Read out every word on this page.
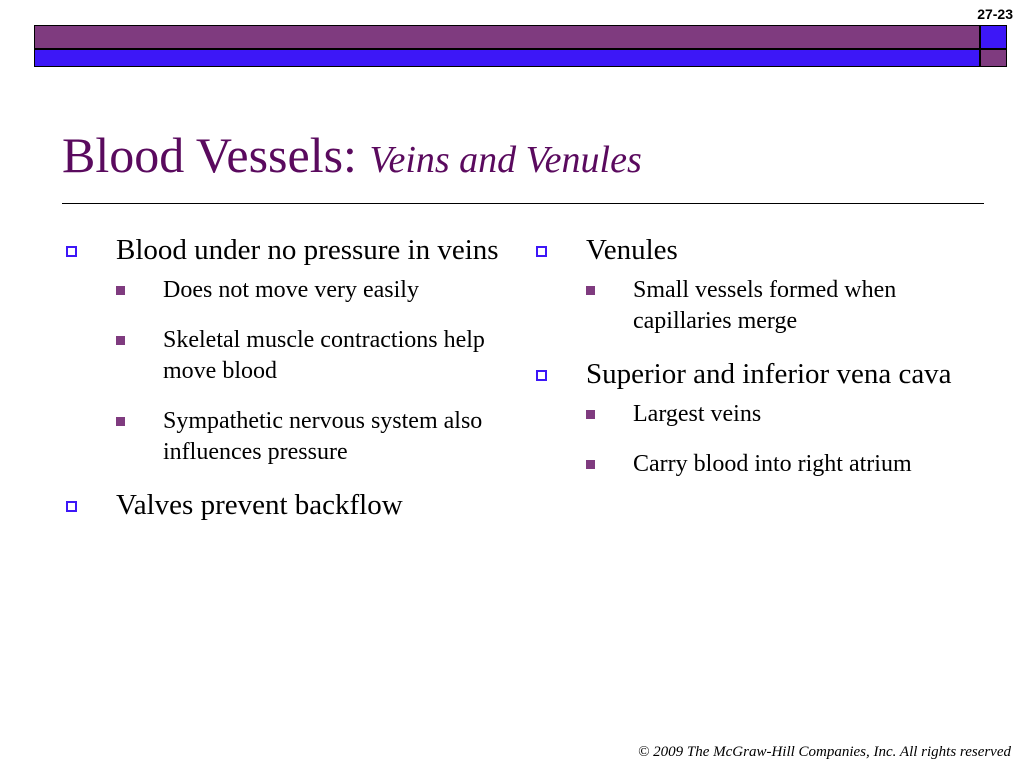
27-23
Blood Vessels: Veins and Venules
Blood under no pressure in veins
Does not move very easily
Skeletal muscle contractions help move blood
Sympathetic nervous system also influences pressure
Valves prevent backflow
Venules
Small vessels formed when capillaries merge
Superior and inferior vena cava
Largest veins
Carry blood into right atrium
© 2009 The McGraw-Hill Companies, Inc. All rights reserved
